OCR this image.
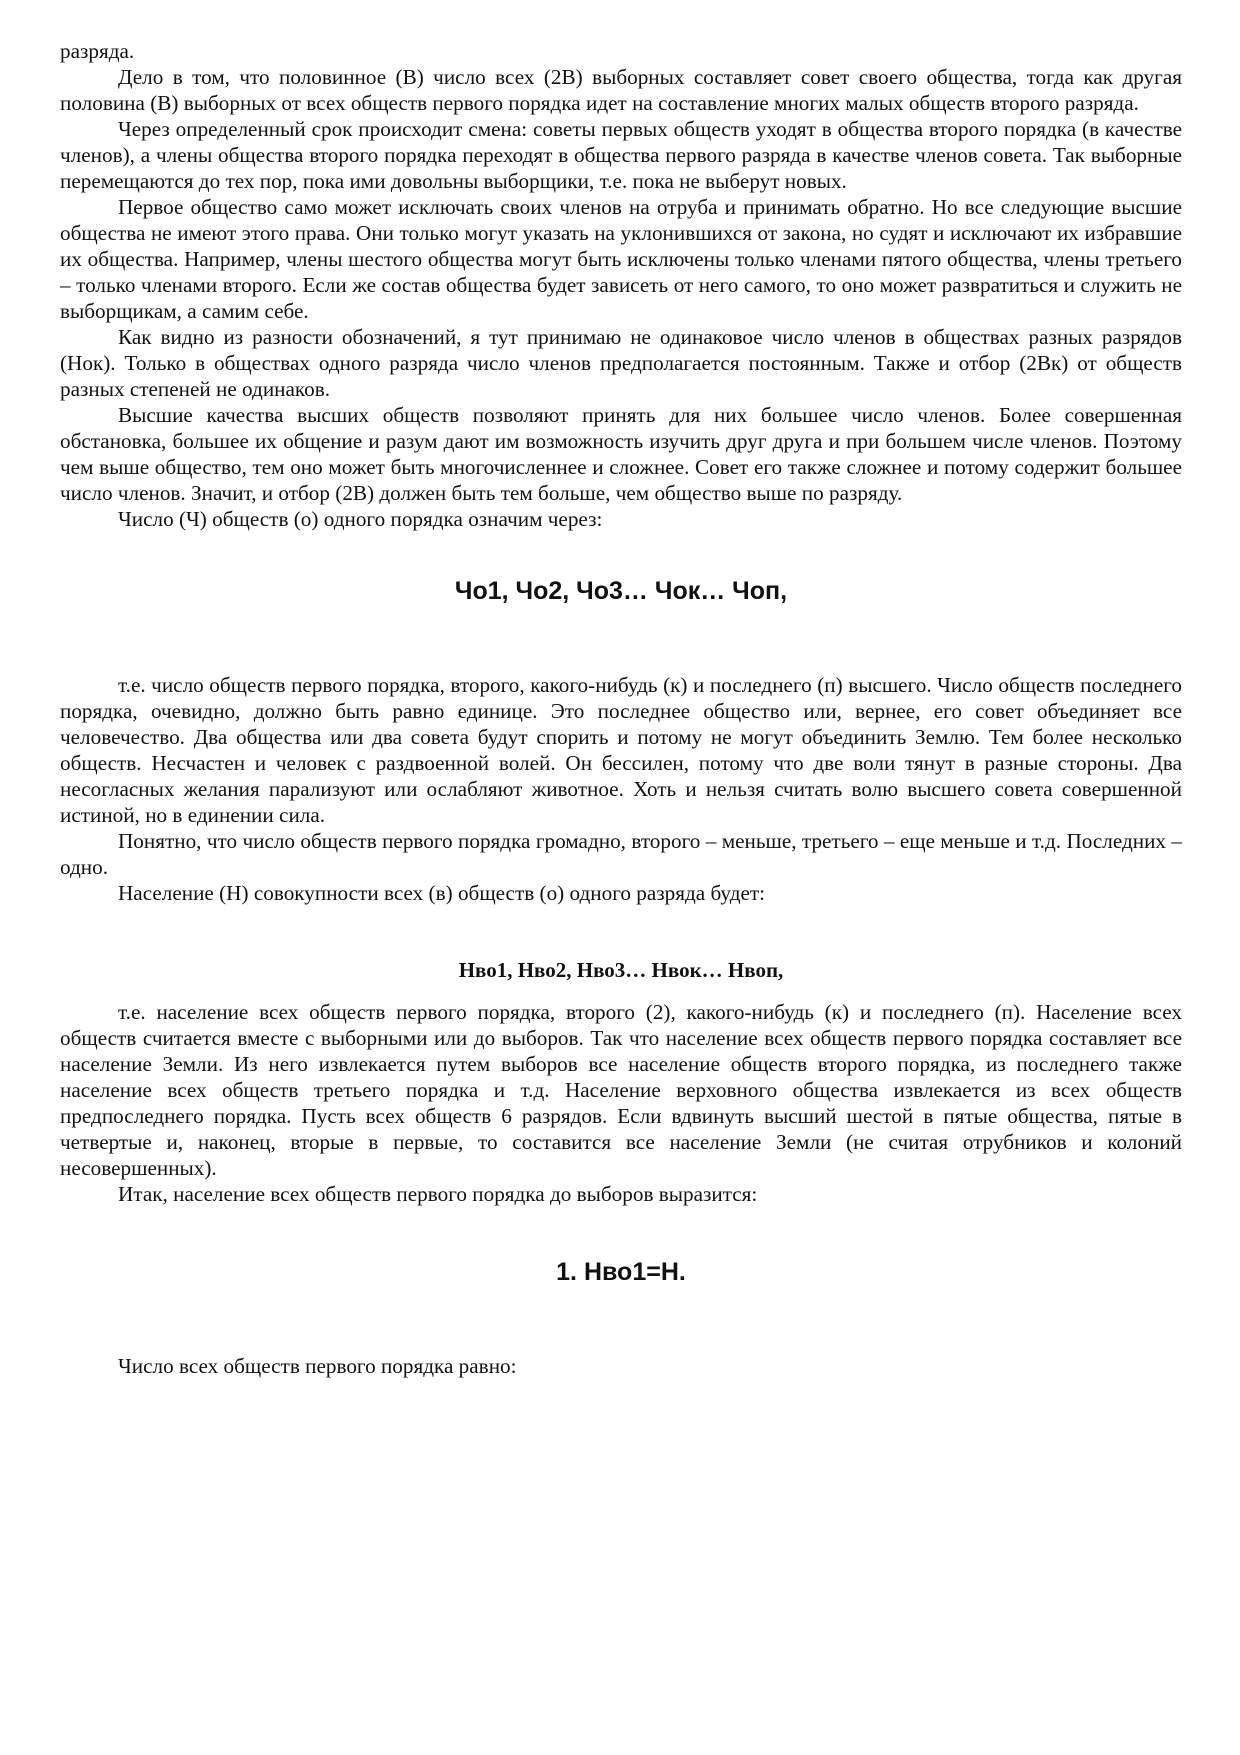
разряда.

Дело в том, что половинное (В) число всех (2В) выборных составляет совет своего общества, тогда как другая половина (В) выборных от всех обществ первого порядка идет на составление многих малых обществ второго разряда.

Через определенный срок происходит смена: советы первых обществ уходят в общества второго порядка (в качестве членов), а члены общества второго порядка переходят в общества первого разряда в качестве членов совета. Так выборные перемещаются до тех пор, пока ими довольны выборщики, т.е. пока не выберут новых.

Первое общество само может исключать своих членов на отруба и принимать обратно. Но все следующие высшие общества не имеют этого права. Они только могут указать на уклонившихся от закона, но судят и исключают их избравшие их общества. Например, члены шестого общества могут быть исключены только членами пятого общества, члены третьего – только членами второго. Если же состав общества будет зависеть от него самого, то оно может развратиться и служить не выборщикам, а самим себе.

Как видно из разности обозначений, я тут принимаю не одинаковое число членов в обществах разных разрядов (Нок). Только в обществах одного разряда число членов предполагается постоянным. Также и отбор (2Вк) от обществ разных степеней не одинаков.

Высшие качества высших обществ позволяют принять для них большее число членов. Более совершенная обстановка, большее их общение и разум дают им возможность изучить друг друга и при большем числе членов. Поэтому чем выше общество, тем оно может быть многочисленнее и сложнее. Совет его также сложнее и потому содержит большее число членов. Значит, и отбор (2В) должен быть тем больше, чем общество выше по разряду.

Число (Ч) обществ (о) одного порядка означим через:

Чо1, Чо2, Чо3… Чок… Чоп,

т.е. число обществ первого порядка, второго, какого-нибудь (к) и последнего (п) высшего. Число обществ последнего порядка, очевидно, должно быть равно единице. Это последнее общество или, вернее, его совет объединяет все человечество. Два общества или два совета будут спорить и потому не могут объединить Землю. Тем более несколько обществ. Несчастен и человек с раздвоенной волей. Он бессилен, потому что две воли тянут в разные стороны. Два несогласных желания парализуют или ослабляют животное. Хоть и нельзя считать волю высшего совета совершенной истиной, но в единении сила.

Понятно, что число обществ первого порядка громадно, второго – меньше, третьего – еще меньше и т.д. Последних – одно.

Население (Н) совокупности всех (в) обществ (о) одного разряда будет:

Нво1, Нво2, Нво3… Нвок… Нвоп,

т.е. население всех обществ первого порядка, второго (2), какого-нибудь (к) и последнего (п). Население всех обществ считается вместе с выборными или до выборов. Так что население всех обществ первого порядка составляет все население Земли. Из него извлекается путем выборов все население обществ второго порядка, из последнего также население всех обществ третьего порядка и т.д. Население верховного общества извлекается из всех обществ предпоследнего порядка. Пусть всех обществ 6 разрядов. Если вдвинуть высший шестой в пятые общества, пятые в четвертые и, наконец, вторые в первые, то составится все население Земли (не считая отрубников и колоний несовершенных).

Итак, население всех обществ первого порядка до выборов выразится:

1. Нво1=Н.

Число всех обществ первого порядка равно:
